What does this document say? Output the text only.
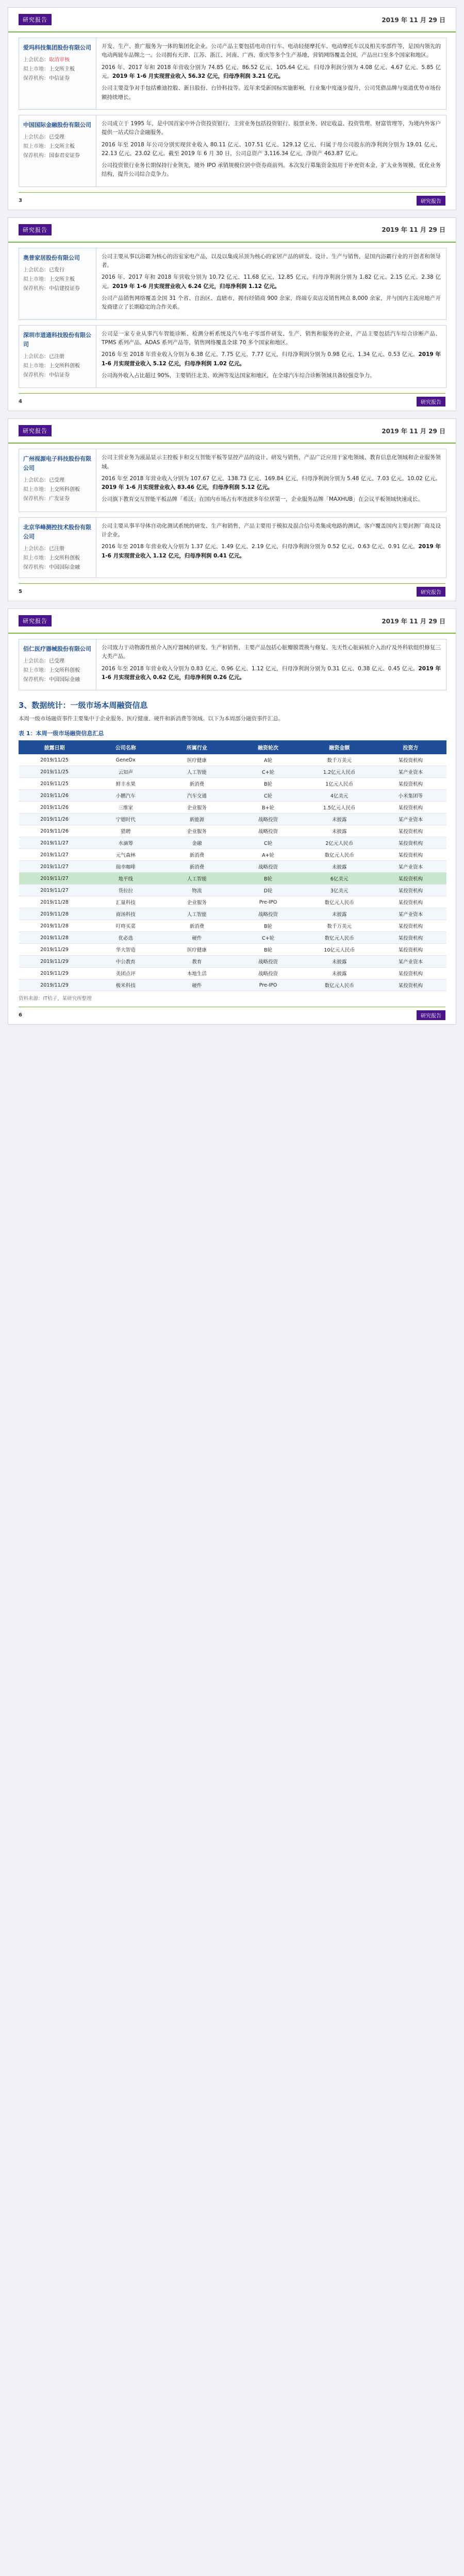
研究报告	2019 年 11 月 29 日
爱玛科技集团股份有限公司
上会状态：取消审核
拟上市地：上交所主板
保荐机构：中信证券

开发、生产、推广服务为一体的集团化企业。公司产品主要包括电动自行车、电动轻便摩托车、电动摩托车以及相关零部件等，是国内领先的电动两轮车品牌之一。公司拥有天津、江苏、浙江、河南、广西、重庆等多个生产基地，营销网络覆盖全国，产品出口至多个国家和地区。

2016 年、2017 年和 2018 年营收分别为 74.85 亿元、86.52 亿元、105.64 亿元，归母净利润分别为 4.08 亿元、4.67 亿元、5.85 亿元。2019 年 1-6 月实现营业收入 56.32 亿元，归母净利润 3.21 亿元。

公司主要竞争对手包括雅迪控股、新日股份、台铃科技等。近年来受新国标实施影响，行业集中度逐步提升，公司凭借品牌与渠道优势市场份额持续增长。

中国国际金融股份有限公司
上会状态：已受理
拟上市地：上交所主板
保荐机构：国泰君安证券

公司成立于 1995 年，是中国首家中外合资投资银行，主营业务包括投资银行、股票业务、固定收益、投资管理、财富管理等，为境内外客户提供一站式综合金融服务。

2016 年至 2018 年公司分别实现营业收入 80.11 亿元、107.51 亿元、129.12 亿元，归属于母公司股东的净利润分别为 19.01 亿元、22.13 亿元、23.02 亿元。截至 2019 年 6 月 30 日，公司总资产 3,116.34 亿元，净资产 463.87 亿元。

公司投资银行业务长期保持行业领先，境外 IPO 承销规模位居中资券商前列。本次发行募集资金拟用于补充资本金，扩大业务规模，优化业务结构，提升公司综合竞争力。

3	研究报告
研究报告	2019 年 11 月 29 日
奥普家居股份有限公司
上会状态：已发行
拟上市地：上交所主板
保荐机构：中信建投证券

公司主要从事以浴霸为核心的浴室家电产品，以及以集成吊顶为核心的家居产品的研发、设计、生产与销售，是国内浴霸行业的开创者和领导者。

2016 年、2017 年和 2018 年营收分别为 10.72 亿元、11.68 亿元、12.85 亿元，归母净利润分别为 1.82 亿元、2.15 亿元、2.38 亿元。2019 年 1-6 月实现营业收入 6.24 亿元，归母净利润 1.12 亿元。

公司产品销售网络覆盖全国 31 个省、自治区、直辖市，拥有经销商 900 余家，终端专卖店及销售网点 8,000 余家，并与国内主流房地产开发商建立了长期稳定的合作关系。

深圳市道通科技股份有限公司
上会状态：已注册
拟上市地：上交所科创板
保荐机构：中信证券

公司是一家专业从事汽车智能诊断、检测分析系统及汽车电子零部件研发、生产、销售和服务的企业，产品主要包括汽车综合诊断产品、TPMS 系列产品、ADAS 系列产品等，销售网络覆盖全球 70 多个国家和地区。

2016 年至 2018 年营业收入分别为 6.38 亿元、7.75 亿元、7.77 亿元，归母净利润分别为 0.98 亿元、1.34 亿元、0.53 亿元。2019 年 1-6 月实现营业收入 5.12 亿元，归母净利润 1.02 亿元。

公司海外收入占比超过 90%，主要销往北美、欧洲等发达国家和地区，在全球汽车综合诊断领域具备较强竞争力。

4	研究报告
研究报告	2019 年 11 月 29 日
广州视源电子科技股份有限公司
上会状态：已受理
拟上市地：上交所科创板
保荐机构：广发证券

公司主营业务为液晶显示主控板卡和交互智能平板等显控产品的设计、研发与销售，产品广泛应用于家电领域、教育信息化领域和企业服务领域。

2016 年至 2018 年营业收入分别为 107.67 亿元、138.73 亿元、169.84 亿元，归母净利润分别为 5.48 亿元、7.03 亿元、10.02 亿元。2019 年 1-6 月实现营业收入 83.46 亿元，归母净利润 5.12 亿元。

公司旗下教育交互智能平板品牌「希沃」在国内市场占有率连续多年位居第一，企业服务品牌「MAXHUB」在会议平板领域快速成长。

北京华峰测控技术股份有限公司
上会状态：已注册
拟上市地：上交所科创板
保荐机构：中国国际金融

公司主要从事半导体自动化测试系统的研发、生产和销售，产品主要用于模拟及混合信号类集成电路的测试，客户覆盖国内主要封测厂商及设计企业。

2016 年至 2018 年营业收入分别为 1.37 亿元、1.49 亿元、2.19 亿元，归母净利润分别为 0.52 亿元、0.63 亿元、0.91 亿元。2019 年 1-6 月实现营业收入 1.12 亿元，归母净利润 0.41 亿元。

5	研究报告
研究报告	2019 年 11 月 29 日
佰仁医疗器械股份有限公司
上会状态：已受理
拟上市地：上交所科创板
保荐机构：中国国际金融

公司致力于动物源性植介入医疗器械的研发、生产和销售，主要产品包括心脏瓣膜置换与修复、先天性心脏病植介入治疗及外科软组织修复三大类产品。

2016 年至 2018 年营业收入分别为 0.83 亿元、0.96 亿元、1.12 亿元，归母净利润分别为 0.31 亿元、0.38 亿元、0.45 亿元。2019 年 1-6 月实现营业收入 0.62 亿元，归母净利润 0.26 亿元。

3、数据统计：一级市场本周融资信息
本周一级市场融资事件主要集中于企业服务、医疗健康、硬件和新消费等领域。以下为本周部分融资事件汇总。
表 1：本周一级市场融资信息汇总
披露日期	公司名称	所属行业	融资轮次	融资金额	投资方
2019/11/25	GeneDx	医疗健康	A轮	数千万美元	某投资机构
2019/11/25	云知声	人工智能	C+轮	1.2亿元人民币	某产业资本
2019/11/25	鲜丰水果	新消费	B轮	1亿元人民币	某投资机构
2019/11/26	小鹏汽车	汽车交通	C轮	4亿美元	小米集团等
2019/11/26	三维家	企业服务	B+轮	1.5亿元人民币	某投资机构
2019/11/26	宁德时代	新能源	战略投资	未披露	某产业资本
2019/11/26	猎聘	企业服务	战略投资	未披露	某投资机构
2019/11/27	水滴筹	金融	C轮	2亿元人民币	某投资机构
2019/11/27	元气森林	新消费	A+轮	数亿元人民币	某投资机构
2019/11/27	瑞幸咖啡	新消费	战略投资	未披露	某产业资本
2019/11/27	地平线	人工智能	B轮	6亿美元	某投资机构
2019/11/27	货拉拉	物流	D轮	3亿美元	某投资机构
2019/11/28	汇量科技	企业服务	Pre-IPO	数亿元人民币	某投资机构
2019/11/28	商汤科技	人工智能	战略投资	未披露	某产业资本
2019/11/28	叮咚买菜	新消费	B轮	数千万美元	某投资机构
2019/11/28	优必选	硬件	C+轮	数亿元人民币	某投资机构
2019/11/29	华大智造	医疗健康	B轮	10亿元人民币	某投资机构
2019/11/29	中公教育	教育	战略投资	未披露	某产业资本
2019/11/29	美团点评	本地生活	战略投资	未披露	某投资机构
2019/11/29	极米科技	硬件	Pre-IPO	数亿元人民币	某投资机构
资料来源：IT桔子，某研究所整理
6	研究报告
